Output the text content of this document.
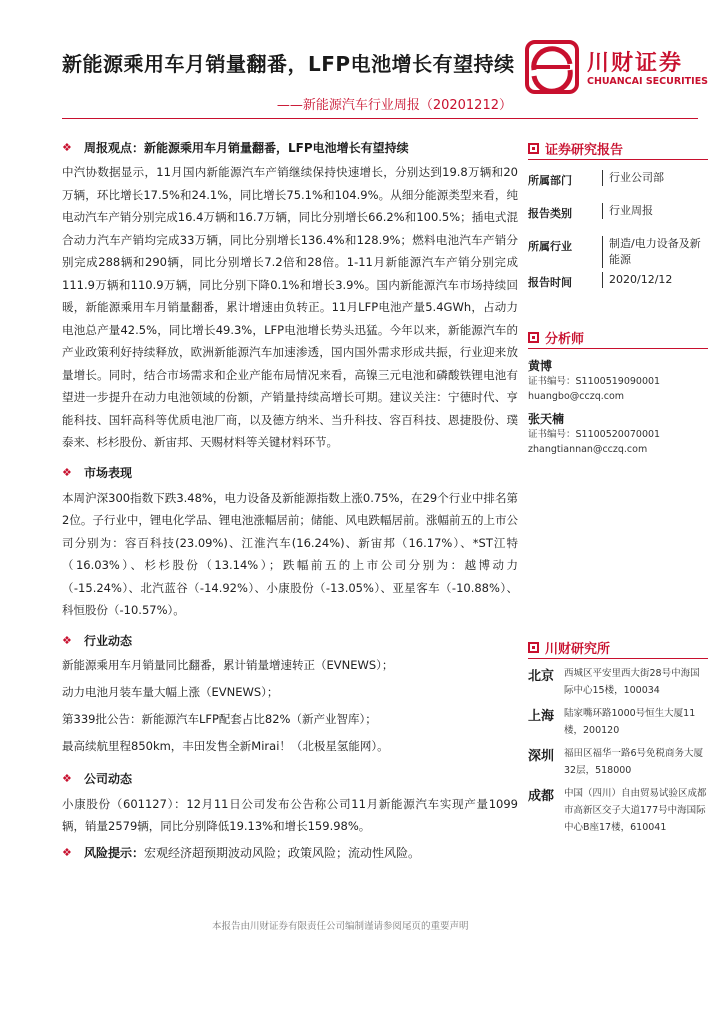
新能源乘用车月销量翻番，LFP电池增长有望持续
——新能源汽车行业周报（20201212）
川财证券
CHUANCAI SECURITIES
❖ 周报观点：新能源乘用车月销量翻番，LFP电池增长有望持续

中汽协数据显示，11月国内新能源汽车产销继续保持快速增长，分别达到19.8万辆和20万辆，环比增长17.5%和24.1%，同比增长75.1%和104.9%。从细分能源类型来看，纯电动汽车产销分别完成16.4万辆和16.7万辆，同比分别增长66.2%和100.5%；插电式混合动力汽车产销均完成33万辆，同比分别增长136.4%和128.9%；燃料电池汽车产销分别完成288辆和290辆，同比分别增长7.2倍和28倍。1-11月新能源汽车产销分别完成111.9万辆和110.9万辆，同比分别下降0.1%和增长3.9%。国内新能源汽车市场持续回暖，新能源乘用车月销量翻番，累计增速由负转正。11月LFP电池产量5.4GWh，占动力电池总产量42.5%，同比增长49.3%，LFP电池增长势头迅猛。今年以来，新能源汽车的产业政策利好持续释放，欧洲新能源汽车加速渗透，国内国外需求形成共振，行业迎来放量增长。同时，结合市场需求和企业产能布局情况来看，高镍三元电池和磷酸铁锂电池有望进一步提升在动力电池领域的份额，产销量持续高增长可期。建议关注：宁德时代、亨能科技、国轩高科等优质电池厂商，以及德方纳米、当升科技、容百科技、恩捷股份、璞泰来、杉杉股份、新宙邦、天赐材料等关键材料环节。

❖ 市场表现

本周沪深300指数下跌3.48%，电力设备及新能源指数上涨0.75%，在29个行业中排名第2位。子行业中，锂电化学品、锂电池涨幅居前；储能、风电跌幅居前。涨幅前五的上市公司分别为：容百科技(23.09%)、江淮汽车(16.24%)、新宙邦（16.17%）、*ST江特（16.03%）、杉杉股份（13.14%）；跌幅前五的上市公司分别为：越博动力（-15.24%）、北汽蓝谷（-14.92%）、小康股份（-13.05%）、亚星客车（-10.88%）、科恒股份（-10.57%）。

❖ 行业动态
新能源乘用车月销量同比翻番，累计销量增速转正（EVNEWS）；
动力电池月装车量大幅上涨（EVNEWS）；
第339批公告：新能源汽车LFP配套占比82%（新产业智库）；
最高续航里程850km，丰田发售全新Mirai！（北极星氢能网）。
❖ 公司动态

小康股份（601127）：12月11日公司发布公告称公司11月新能源汽车实现产量1099辆，销量2579辆，同比分别降低19.13%和增长159.98%。

❖ 风险提示： 宏观经济超预期波动风险；政策风险；流动性风险。
本报告由川财证券有限责任公司编制谨请参阅尾页的重要声明
证券研究报告
所属部门	行业公司部
报告类别	行业周报
所属行业	制造/电力设备及新能源
报告时间	2020/12/12
分析师
黄博
证书编号：S1100519090001
huangbo@cczq.com
张天楠
证书编号：S1100520070001
zhangtiannan@cczq.com
川财研究所
北京	西城区平安里西大街28号中海国际中心15楼，100034
上海	陆家嘴环路1000号恒生大厦11楼，200120
深圳	福田区福华一路6号免税商务大厦32层，518000
成都	中国（四川）自由贸易试验区成都市高新区交子大道177号中海国际中心B座17楼，610041
